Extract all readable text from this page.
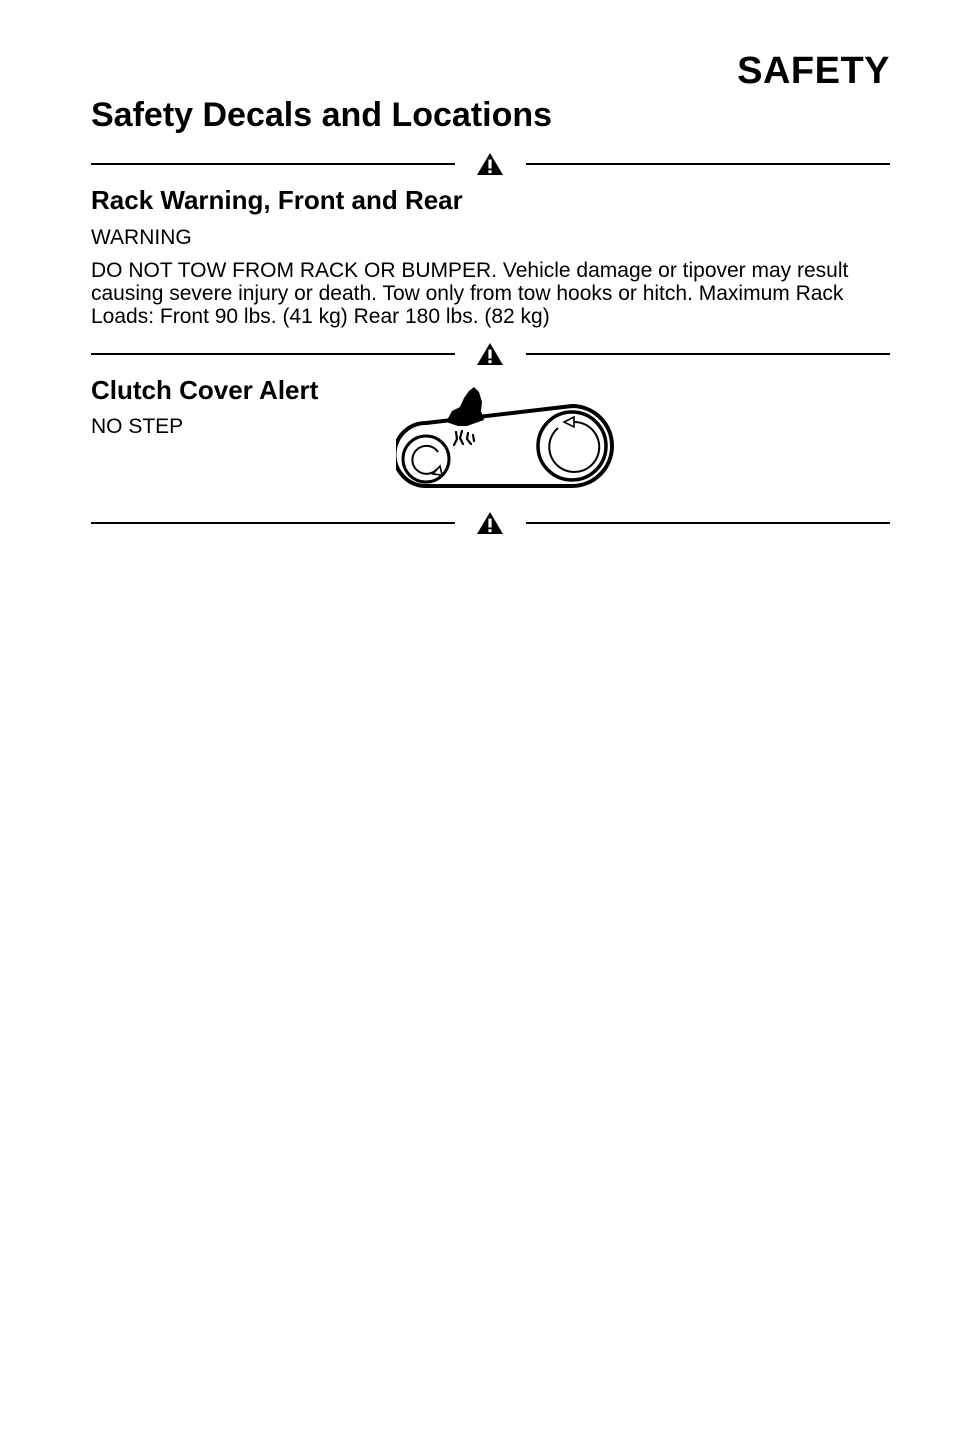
SAFETY
Safety Decals and Locations
Rack Warning, Front and Rear

WARNING

DO NOT TOW FROM RACK OR BUMPER. Vehicle damage or tipover may result causing severe injury or death. Tow only from tow hooks or hitch. Maximum Rack Loads: Front 90 lbs. (41 kg) Rear 180 lbs. (82 kg)

Clutch Cover Alert

NO STEP
